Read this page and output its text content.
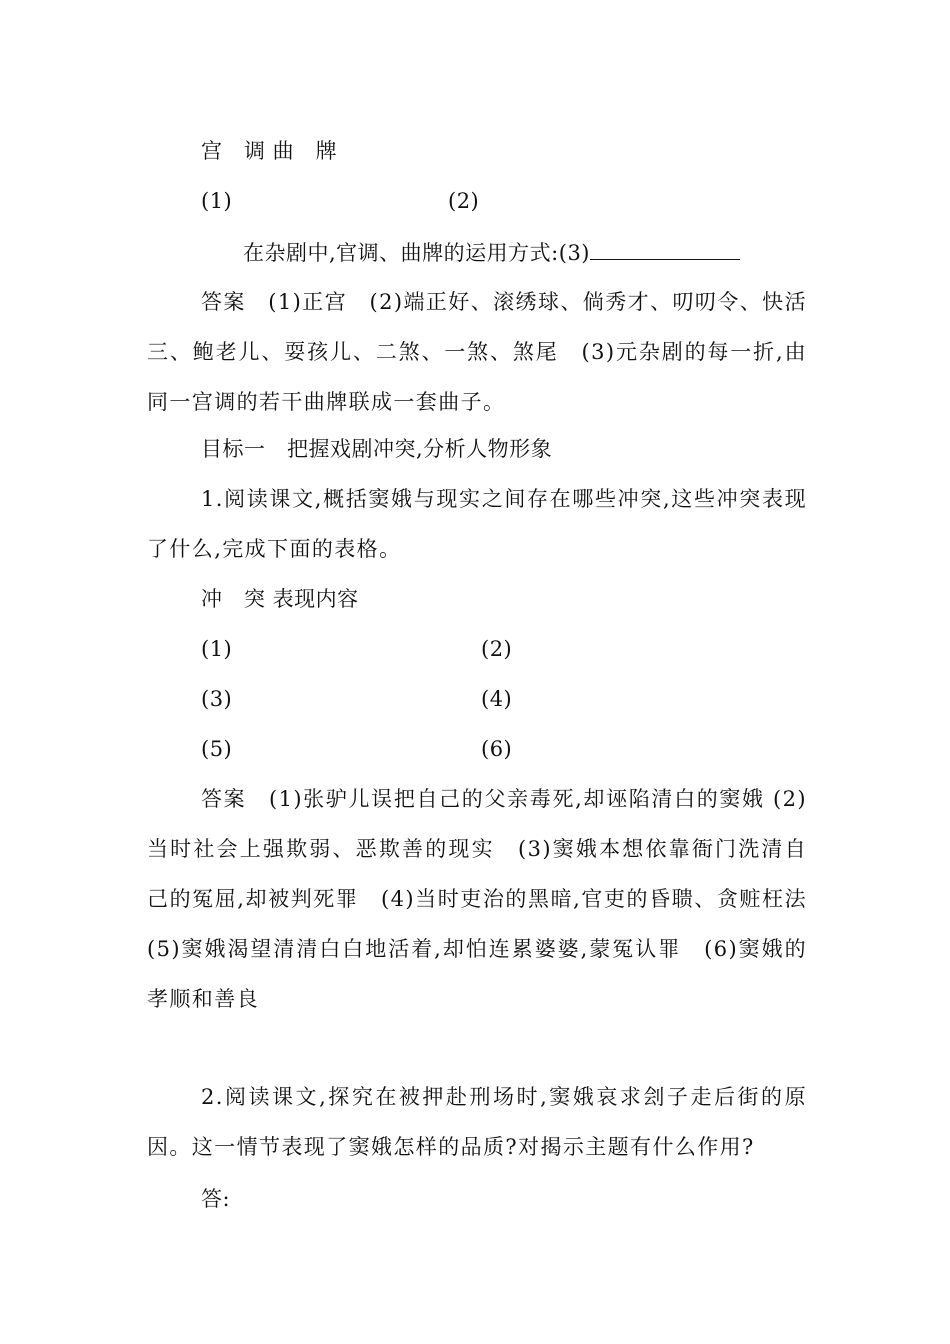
宫　调 曲　牌
(1)	(2)
在杂剧中,官调、曲牌的运用方式:(3)
答案　(1)正宫　(2)端正好、滚绣球、倘秀才、叨叨令、快活三、鲍老儿、耍孩儿、二煞、一煞、煞尾　(3)元杂剧的每一折,由同一宫调的若干曲牌联成一套曲子。
目标一　把握戏剧冲突,分析人物形象
1.阅读课文,概括窦娥与现实之间存在哪些冲突,这些冲突表现了什么,完成下面的表格。
冲　突 表现内容
(1)	(2)
(3)	(4)
(5)	(6)
答案　(1)张驴儿误把自己的父亲毒死,却诬陷清白的窦娥 (2)当时社会上强欺弱、恶欺善的现实　(3)窦娥本想依靠衙门洗清自己的冤屈,却被判死罪　(4)当时吏治的黑暗,官吏的昏聩、贪赃枉法　(5)窦娥渴望清清白白地活着,却怕连累婆婆,蒙冤认罪　(6)窦娥的孝顺和善良
2.阅读课文,探究在被押赴刑场时,窦娥哀求刽子走后街的原因。这一情节表现了窦娥怎样的品质?对揭示主题有什么作用?
答:
